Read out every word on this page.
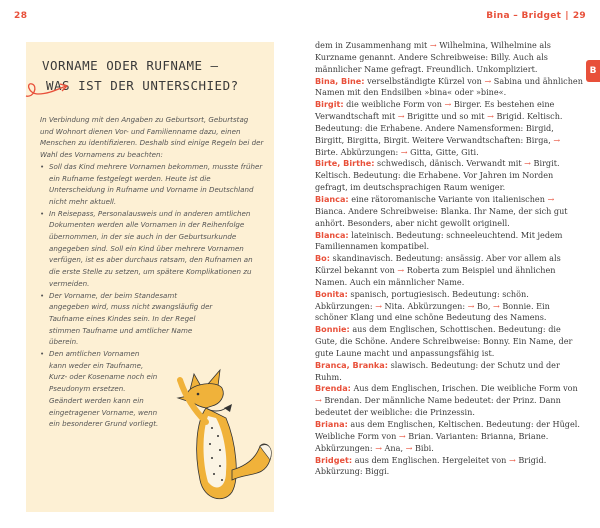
28	Bina – Bridget | 29
B
VORNAME ODER RUFNAME –
WAS IST DER UNTERSCHIED?

In Verbindung mit den Angaben zu Geburtsort, Geburtstag und Wohnort dienen Vor- und Familienname dazu, einen Menschen zu identifizieren. Deshalb sind einige Regeln bei der Wahl des Vornamens zu beachten:

• Soll das Kind mehrere Vornamen bekommen, musste früher ein Rufname festgelegt werden. Heute ist die Unterscheidung in Rufname und Vorname in Deutschland nicht mehr aktuell.
• In Reisepass, Personalausweis und in anderen amtlichen Dokumenten werden alle Vornamen in der Reihenfolge übernommen, in der sie auch in der Geburtsurkunde angegeben sind. Soll ein Kind über mehrere Vornamen verfügen, ist es aber durchaus ratsam, den Rufnamen an die erste Stelle zu setzen, um spätere Komplikationen zu vermeiden.
• Der Vorname, der beim Standesamt angegeben wird, muss nicht zwangsläufig der Taufname eines Kindes sein. In der Regel stimmen Taufname und amtlicher Name überein.
• Den amtlichen Vornamen kann weder ein Taufname, Kurz- oder Kosename noch ein Pseudonym ersetzen. Geändert werden kann ein eingetragener Vorname, wenn ein besonderer Grund vorliegt.

dem in Zusammenhang mit → Wilhelmina, Wilhelmine als Kurzname genannt. Andere Schreibweise: Billy. Auch als männlicher Name gefragt. Freundlich. Unkompliziert.

Bina, Bine: verselbständigte Kürzel von → Sabina und ähnlichen Namen mit den Endsilben »bina« oder »bine«.

Birgit: die weibliche Form von → Birger. Es bestehen eine Verwandtschaft mit → Brigitte und so mit → Brigid. Keltisch. Bedeutung: die Erhabene. Andere Namensformen: Birgid, Birgitt, Birgitta, Birgit. Weitere Verwandtschaften: Birga, → Birte. Abkürzungen: → Gitta, Gitte, Giti.

Birte, Birthe: schwedisch, dänisch. Verwandt mit → Birgit. Keltisch. Bedeutung: die Erhabene. Vor Jahren im Norden gefragt, im deutschsprachigen Raum weniger.

Bianca: eine rätoromanische Variante von italienischen → Bianca. Andere Schreibweise: Blanka. Ihr Name, der sich gut anhört. Besonders, aber nicht gewollt originell.

Blanca: lateinisch. Bedeutung: schneeleuchtend. Mit jedem Familiennamen kompatibel.

Bo: skandinavisch. Bedeutung: ansässig. Aber vor allem als Kürzel bekannt von → Roberta zum Beispiel und ähnlichen Namen. Auch ein männlicher Name.

Bonita: spanisch, portugiesisch. Bedeutung: schön. Abkürzungen: → Nita. Abkürzungen: → Bo, → Bonnie. Ein schöner Klang und eine schöne Bedeutung des Namens.

Bonnie: aus dem Englischen, Schottischen. Bedeutung: die Gute, die Schöne. Andere Schreibweise: Bonny. Ein Name, der gute Laune macht und anpassungsfähig ist.

Branca, Branka: slawisch. Bedeutung: der Schutz und der Ruhm.

Brenda: Aus dem Englischen, Irischen. Die weibliche Form von → Brendan. Der männliche Name bedeutet: der Prinz. Dann bedeutet der weibliche: die Prinzessin.

Briana: aus dem Englischen, Keltischen. Bedeutung: der Hügel. Weibliche Form von → Brian. Varianten: Brianna, Briane. Abkürzungen: → Ana, → Bibi.

Bridget: aus dem Englischen. Hergeleitet von → Brigid. Abkürzung: Biggi.
